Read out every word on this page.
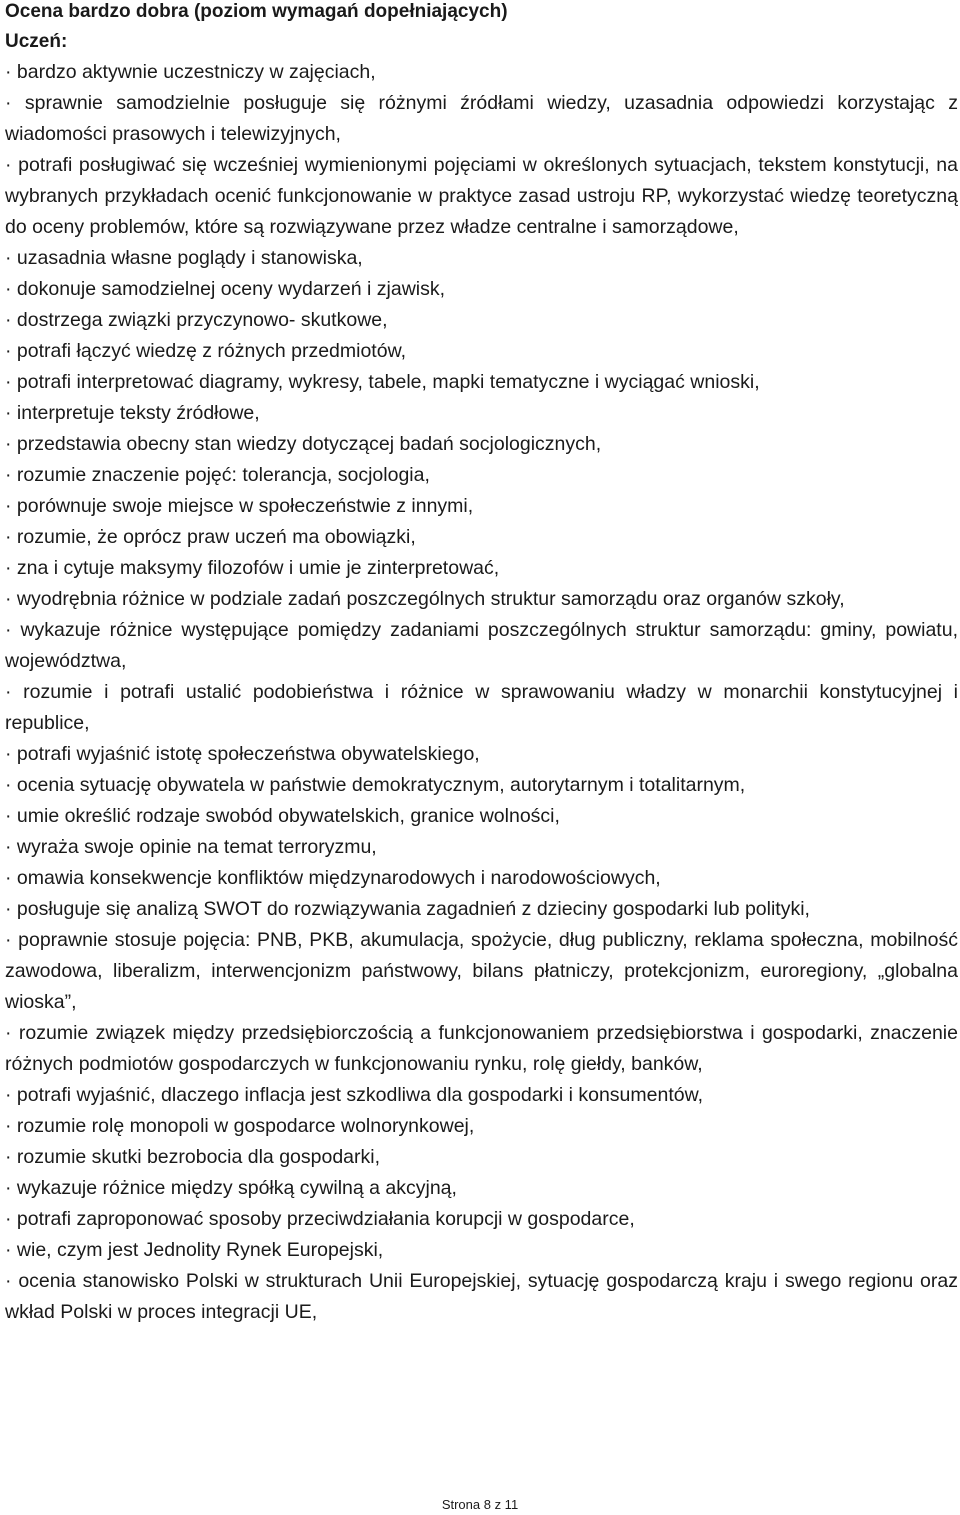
Ocena bardzo dobra (poziom wymagań dopełniających)

Uczeń:

· bardzo aktywnie uczestniczy w zajęciach,

· sprawnie samodzielnie posługuje się różnymi źródłami wiedzy, uzasadnia odpowiedzi korzystając z wiadomości prasowych i telewizyjnych,

· potrafi posługiwać się wcześniej wymienionymi pojęciami w określonych sytuacjach, tekstem konstytucji, na wybranych przykładach ocenić funkcjonowanie w praktyce zasad ustroju RP, wykorzystać wiedzę teoretyczną do oceny problemów, które są rozwiązywane przez władze centralne i samorządowe,

· uzasadnia własne poglądy i stanowiska,

· dokonuje samodzielnej oceny wydarzeń i zjawisk,

· dostrzega związki przyczynowo- skutkowe,

· potrafi łączyć wiedzę z różnych przedmiotów,

· potrafi interpretować diagramy, wykresy, tabele, mapki tematyczne i wyciągać wnioski,

· interpretuje teksty źródłowe,

· przedstawia obecny stan wiedzy dotyczącej badań socjologicznych,

· rozumie znaczenie pojęć: tolerancja, socjologia,

· porównuje swoje miejsce w społeczeństwie z innymi,

· rozumie, że oprócz praw uczeń ma obowiązki,

· zna i cytuje maksymy filozofów i umie je zinterpretować,

· wyodrębnia różnice w podziale zadań poszczególnych struktur samorządu oraz organów szkoły,

· wykazuje różnice występujące pomiędzy zadaniami poszczególnych struktur samorządu: gminy, powiatu, województwa,

· rozumie i potrafi ustalić podobieństwa i różnice w sprawowaniu władzy w monarchii konstytucyjnej i republice,

· potrafi wyjaśnić istotę społeczeństwa obywatelskiego,

· ocenia sytuację obywatela w państwie demokratycznym, autorytarnym i totalitarnym,

· umie określić rodzaje swobód obywatelskich, granice wolności,

· wyraża swoje opinie na temat terroryzmu,

· omawia konsekwencje konfliktów międzynarodowych i narodowościowych,

· posługuje się analizą SWOT do rozwiązywania zagadnień z dzieciny gospodarki lub polityki,

· poprawnie stosuje pojęcia: PNB, PKB, akumulacja, spożycie, dług publiczny, reklama społeczna, mobilność zawodowa, liberalizm, interwencjonizm państwowy, bilans płatniczy, protekcjonizm, euroregiony, „globalna wioska”,

· rozumie związek między przedsiębiorczością a funkcjonowaniem przedsiębiorstwa i gospodarki, znaczenie różnych podmiotów gospodarczych w funkcjonowaniu rynku, rolę giełdy, banków,

· potrafi wyjaśnić, dlaczego inflacja jest szkodliwa dla gospodarki i konsumentów,

· rozumie rolę monopoli w gospodarce wolnorynkowej,

· rozumie skutki bezrobocia dla gospodarki,

· wykazuje różnice między spółką cywilną a akcyjną,

· potrafi zaproponować sposoby przeciwdziałania korupcji w gospodarce,

· wie, czym jest Jednolity Rynek Europejski,

· ocenia stanowisko Polski w strukturach Unii Europejskiej, sytuację gospodarczą kraju i swego regionu oraz wkład Polski w proces integracji UE,

Strona 8 z 11
